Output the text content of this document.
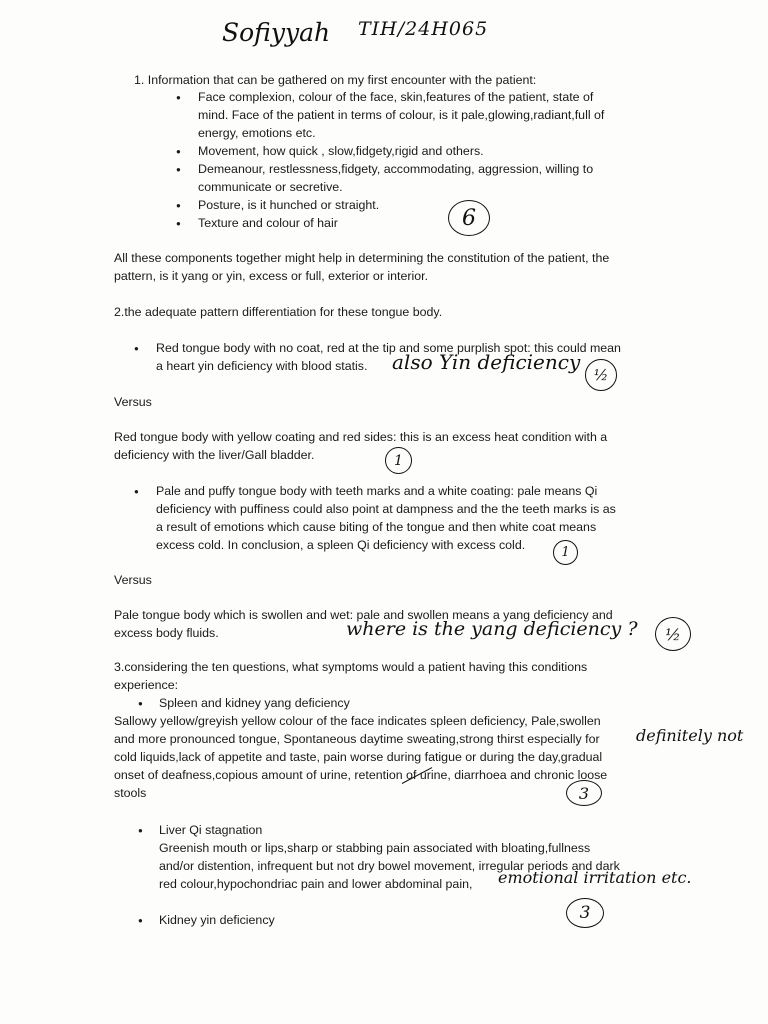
Sofiyyah TIH/24H065
1. Information that can be gathered on my first encounter with the patient:
● Face complexion, colour of the face, skin,features of the patient, state of
mind. Face of the patient in terms of colour, is it pale,glowing,radiant,full of
energy, emotions etc.
● Movement, how quick , slow,fidgety,rigid and others.
● Demeanour, restlessness,fidgety, accommodating, aggression, willing to
communicate or secretive.
● Posture, is it hunched or straight.
● Texture and colour of hair	6
All these components together might help in determining the constitution of the patient, the
pattern, is it yang or yin, excess or full, exterior or interior.
2.the adequate pattern differentiation for these tongue body.
● Red tongue body with no coat, red at the tip and some purplish spot: this could mean
a heart yin deficiency with blood statis. also Yin deficiency
½
Versus
Red tongue body with yellow coating and red sides: this is an excess heat condition with a
deficiency with the liver/Gall bladder.	1
● Pale and puffy tongue body with teeth marks and a white coating: pale means Qi
deficiency with puffiness could also point at dampness and the the teeth marks is as
a result of emotions which cause biting of the tongue and then white coat means
excess cold. In conclusion, a spleen Qi deficiency with excess cold.	1
Versus
Pale tongue body which is swollen and wet: pale and swollen means a yang deficiency and
excess body fluids.	where is the yang deficiency ?	½
3.considering the ten questions, what symptoms would a patient having this conditions
experience:
● Spleen and kidney yang deficiency
Sallowy yellow/greyish yellow colour of the face indicates spleen deficiency, Pale,swollen
and more pronounced tongue, Spontaneous daytime sweating,strong thirst especially for
cold liquids,lack of appetite and taste, pain worse during fatigue or during the day,gradual
onset of deafness,copious amount of urine, retention of urine, diarrhoea and chronic loose
stools
definitely not
3
● Liver Qi stagnation
Greenish mouth or lips,sharp or stabbing pain associated with bloating,fullness
and/or distention, infrequent but not dry bowel movement, irregular periods and dark
red colour,hypochondriac pain and lower abdominal pain, emotional irritation etc.
3
● Kidney yin deficiency
